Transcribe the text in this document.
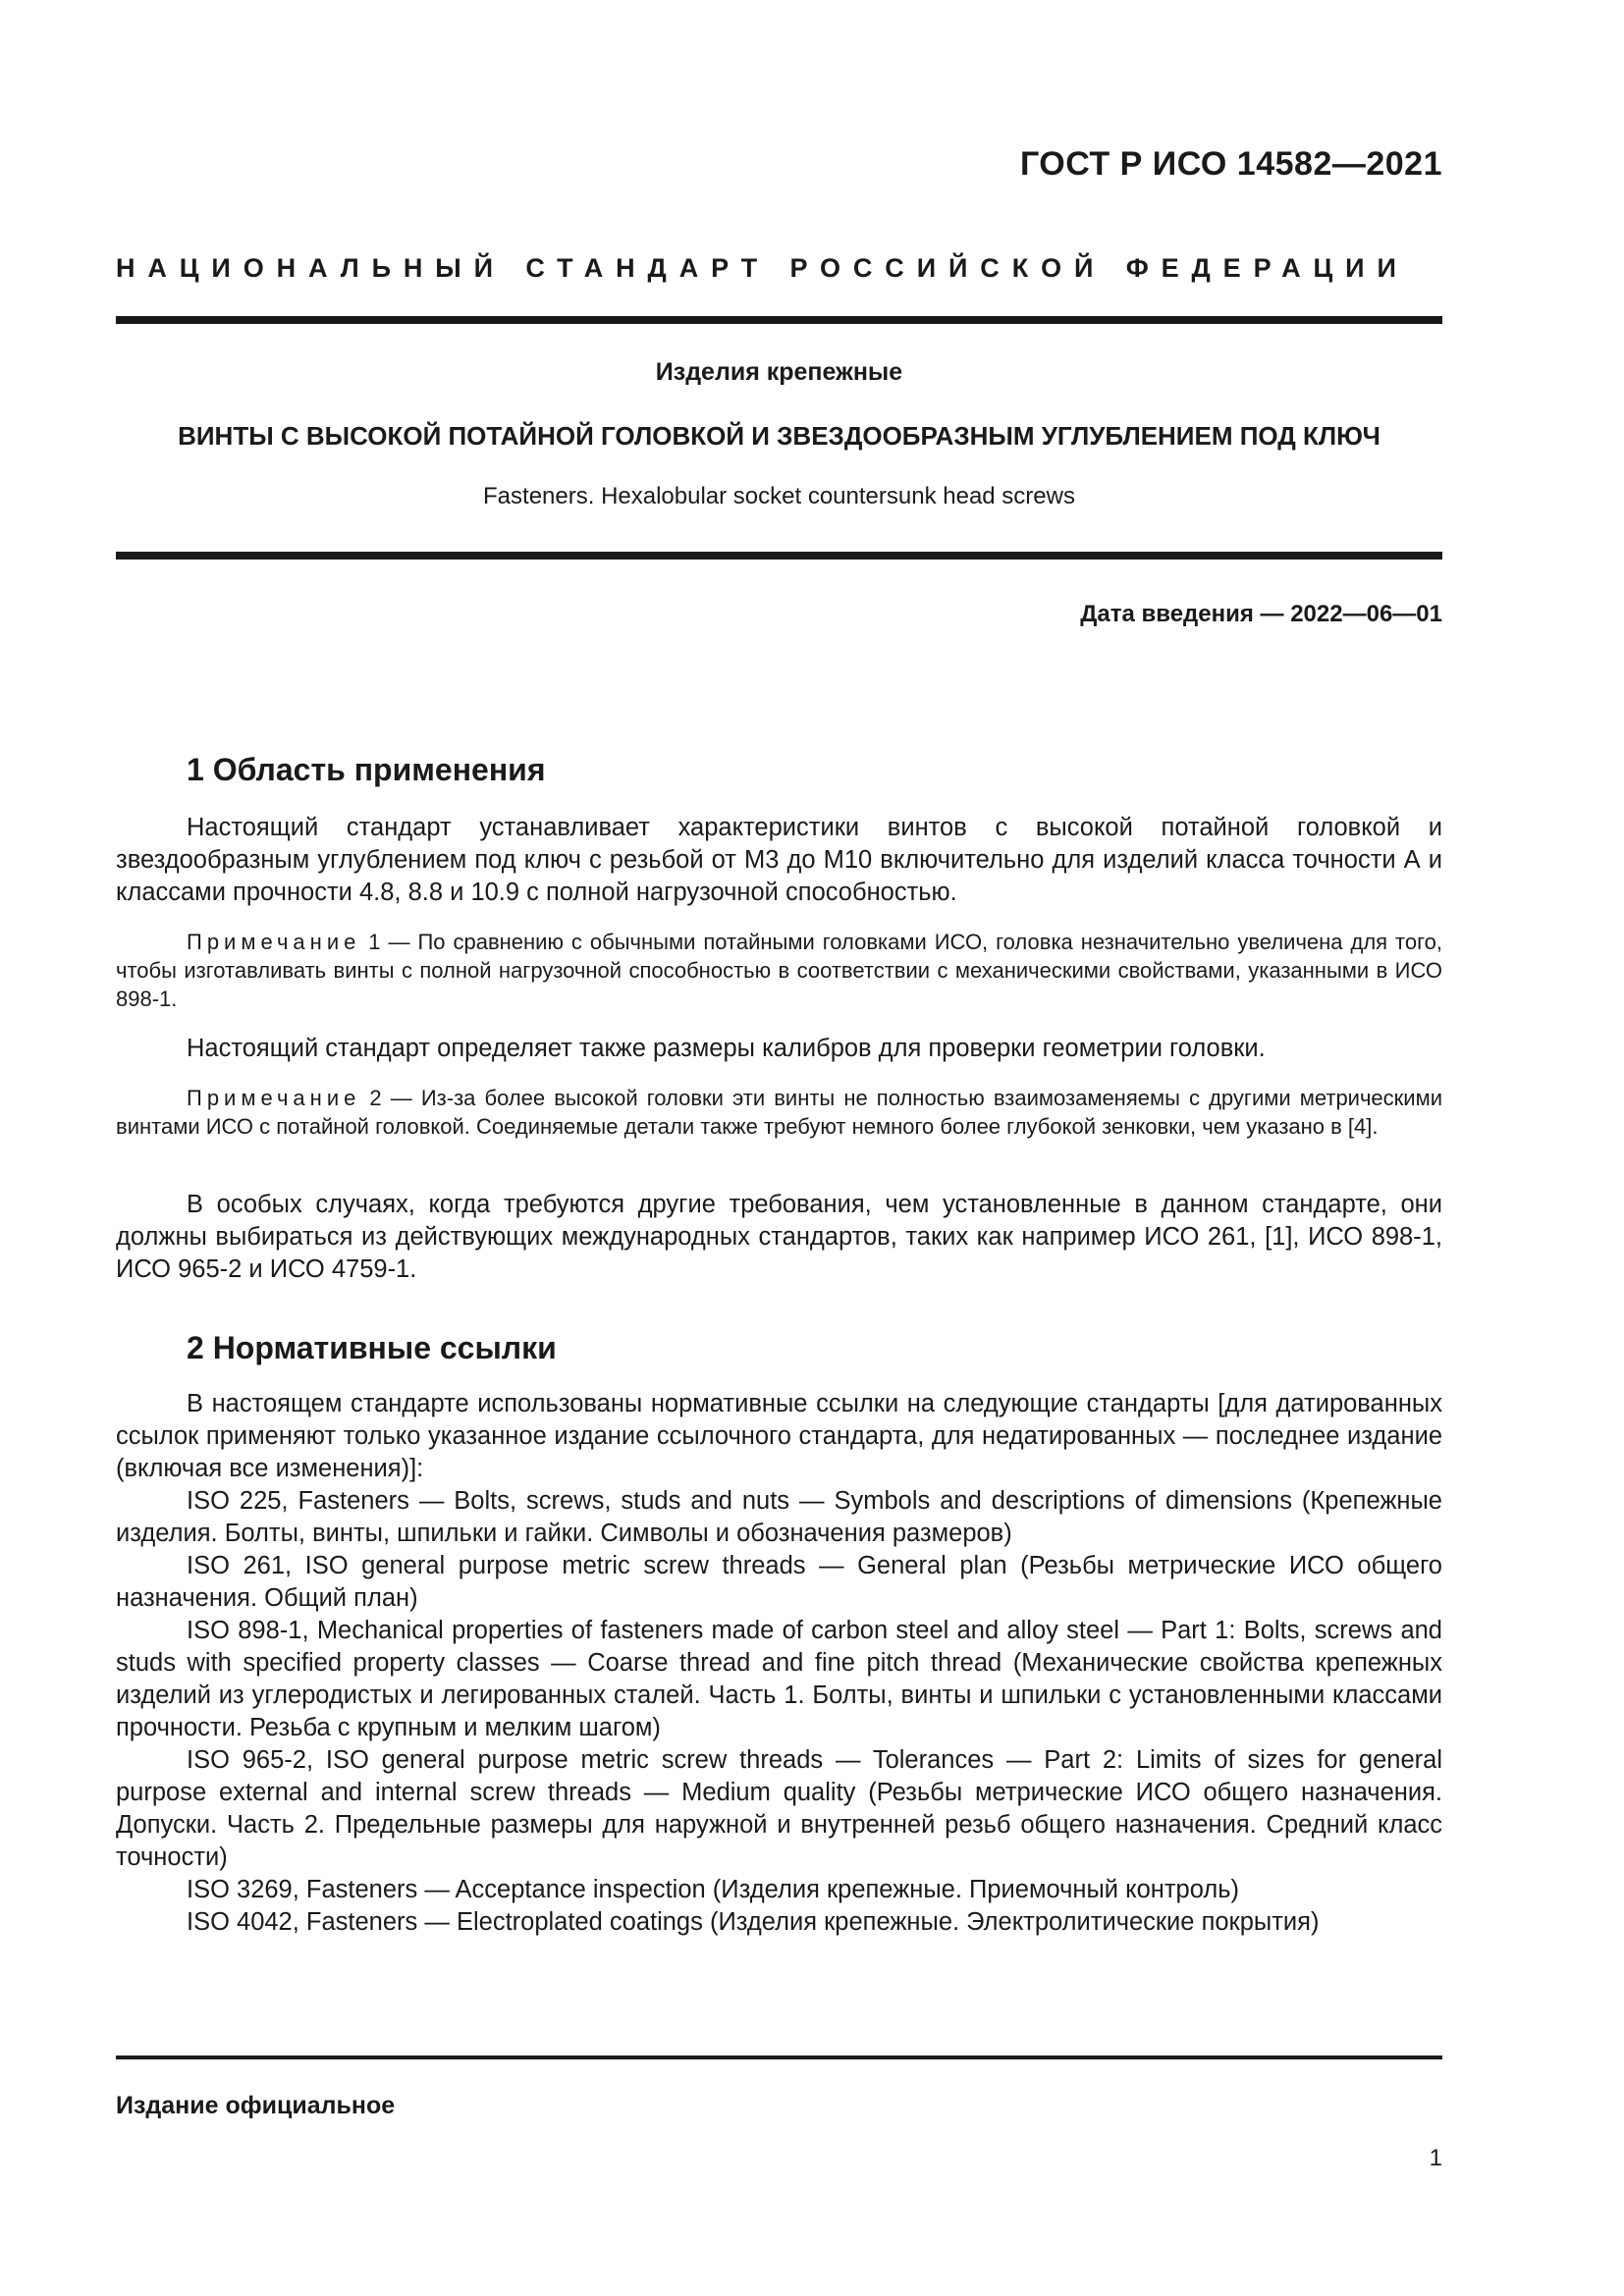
ГОСТ Р ИСО 14582—2021
НАЦИОНАЛЬНЫЙ СТАНДАРТ РОССИЙСКОЙ ФЕДЕРАЦИИ
Изделия крепежные
ВИНТЫ С ВЫСОКОЙ ПОТАЙНОЙ ГОЛОВКОЙ И ЗВЕЗДООБРАЗНЫМ УГЛУБЛЕНИЕМ ПОД КЛЮЧ
Fasteners. Hexalobular socket countersunk head screws
Дата введения — 2022—06—01
1 Область применения
Настоящий стандарт устанавливает характеристики винтов с высокой потайной головкой и звездообразным углублением под ключ с резьбой от M3 до M10 включительно для изделий класса точности А и классами прочности 4.8, 8.8 и 10.9 с полной нагрузочной способностью.
Примечание 1 — По сравнению с обычными потайными головками ИСО, головка незначительно увеличена для того, чтобы изготавливать винты с полной нагрузочной способностью в соответствии с механическими свойствами, указанными в ИСО 898-1.
Настоящий стандарт определяет также размеры калибров для проверки геометрии головки.
Примечание 2 — Из-за более высокой головки эти винты не полностью взаимозаменяемы с другими метрическими винтами ИСО с потайной головкой. Соединяемые детали также требуют немного более глубокой зенковки, чем указано в [4].
В особых случаях, когда требуются другие требования, чем установленные в данном стандарте, они должны выбираться из действующих международных стандартов, таких как например ИСО 261, [1], ИСО 898-1, ИСО 965-2 и ИСО 4759-1.
2 Нормативные ссылки
В настоящем стандарте использованы нормативные ссылки на следующие стандарты [для датированных ссылок применяют только указанное издание ссылочного стандарта, для недатированных — последнее издание (включая все изменения)]:

ISO 225, Fasteners — Bolts, screws, studs and nuts — Symbols and descriptions of dimensions (Крепежные изделия. Болты, винты, шпильки и гайки. Символы и обозначения размеров)

ISO 261, ISO general purpose metric screw threads — General plan (Резьбы метрические ИСО общего назначения. Общий план)

ISO 898-1, Mechanical properties of fasteners made of carbon steel and alloy steel — Part 1: Bolts, screws and studs with specified property classes — Coarse thread and fine pitch thread (Механические свойства крепежных изделий из углеродистых и легированных сталей. Часть 1. Болты, винты и шпильки с установленными классами прочности. Резьба с крупным и мелким шагом)

ISO 965-2, ISO general purpose metric screw threads — Tolerances — Part 2: Limits of sizes for general purpose external and internal screw threads — Medium quality (Резьбы метрические ИСО общего назначения. Допуски. Часть 2. Предельные размеры для наружной и внутренней резьб общего назначения. Средний класс точности)

ISO 3269, Fasteners — Acceptance inspection (Изделия крепежные. Приемочный контроль)

ISO 4042, Fasteners — Electroplated coatings (Изделия крепежные. Электролитические покрытия)

Издание официальное
1
